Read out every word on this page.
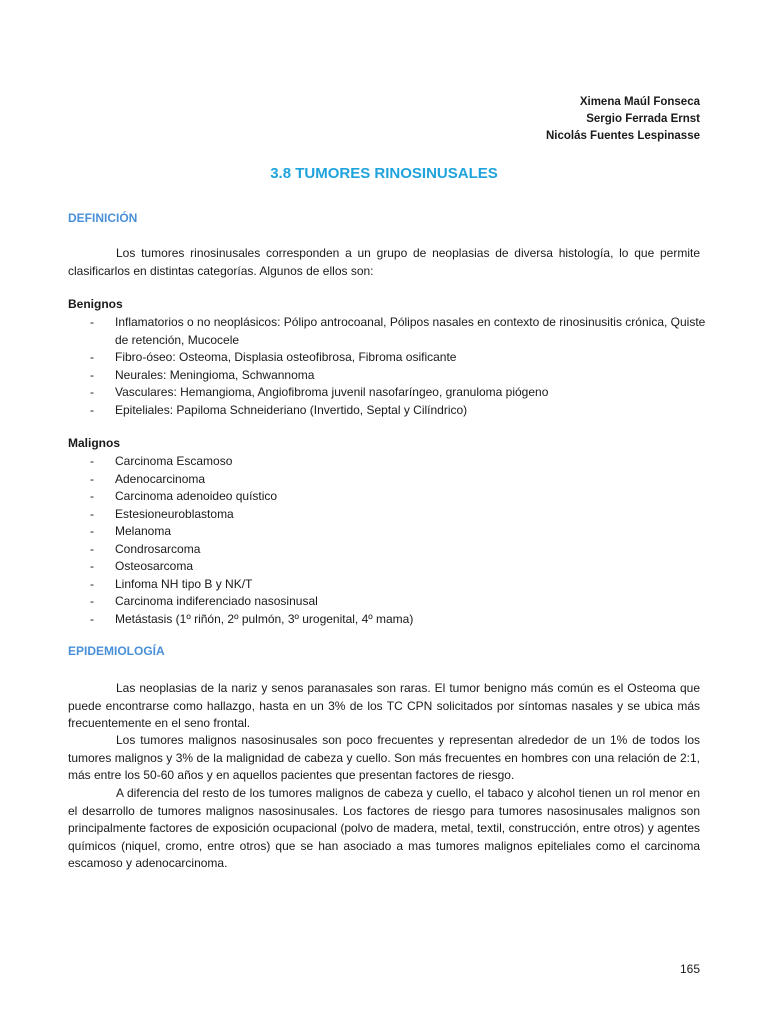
Ximena Maúl Fonseca
Sergio Ferrada Ernst
Nicolás Fuentes Lespinasse
3.8 TUMORES RINOSINUSALES
DEFINICIÓN

Los tumores rinosinusales corresponden a un grupo de neoplasias de diversa histología, lo que permite clasificarlos en distintas categorías. Algunos de ellos son:

Benignos
- Inflamatorios o no neoplásicos: Pólipo antrocoanal, Pólipos nasales en contexto de rinosinusitis crónica, Quiste de retención, Mucocele
- Fibro-óseo: Osteoma, Displasia osteofibrosa, Fibroma osificante
- Neurales: Meningioma, Schwannoma
- Vasculares: Hemangioma, Angiofibroma juvenil nasofaríngeo, granuloma piógeno
- Epiteliales: Papiloma Schneideriano (Invertido, Septal y Cilíndrico)
Malignos
- Carcinoma Escamoso
- Adenocarcinoma
- Carcinoma adenoideo quístico
- Estesioneuroblastoma
- Melanoma
- Condrosarcoma
- Osteosarcoma
- Linfoma NH tipo B y NK/T
- Carcinoma indiferenciado nasosinusal
- Metástasis (1º riñón, 2º pulmón, 3º urogenital, 4º mama)
EPIDEMIOLOGÍA

Las neoplasias de la nariz y senos paranasales son raras. El tumor benigno más común es el Osteoma que puede encontrarse como hallazgo, hasta en un 3% de los TC CPN solicitados por síntomas nasales y se ubica más frecuentemente en el seno frontal.

Los tumores malignos nasosinusales son poco frecuentes y representan alrededor de un 1% de todos los tumores malignos y 3% de la malignidad de cabeza y cuello. Son más frecuentes en hombres con una relación de 2:1, más entre los 50-60 años y en aquellos pacientes que presentan factores de riesgo.

A diferencia del resto de los tumores malignos de cabeza y cuello, el tabaco y alcohol tienen un rol menor en el desarrollo de tumores malignos nasosinusales. Los factores de riesgo para tumores nasosinusales malignos son principalmente factores de exposición ocupacional (polvo de madera, metal, textil, construcción, entre otros) y agentes químicos (niquel, cromo, entre otros) que se han asociado a mas tumores malignos epiteliales como el carcinoma escamoso y adenocarcinoma.

165
